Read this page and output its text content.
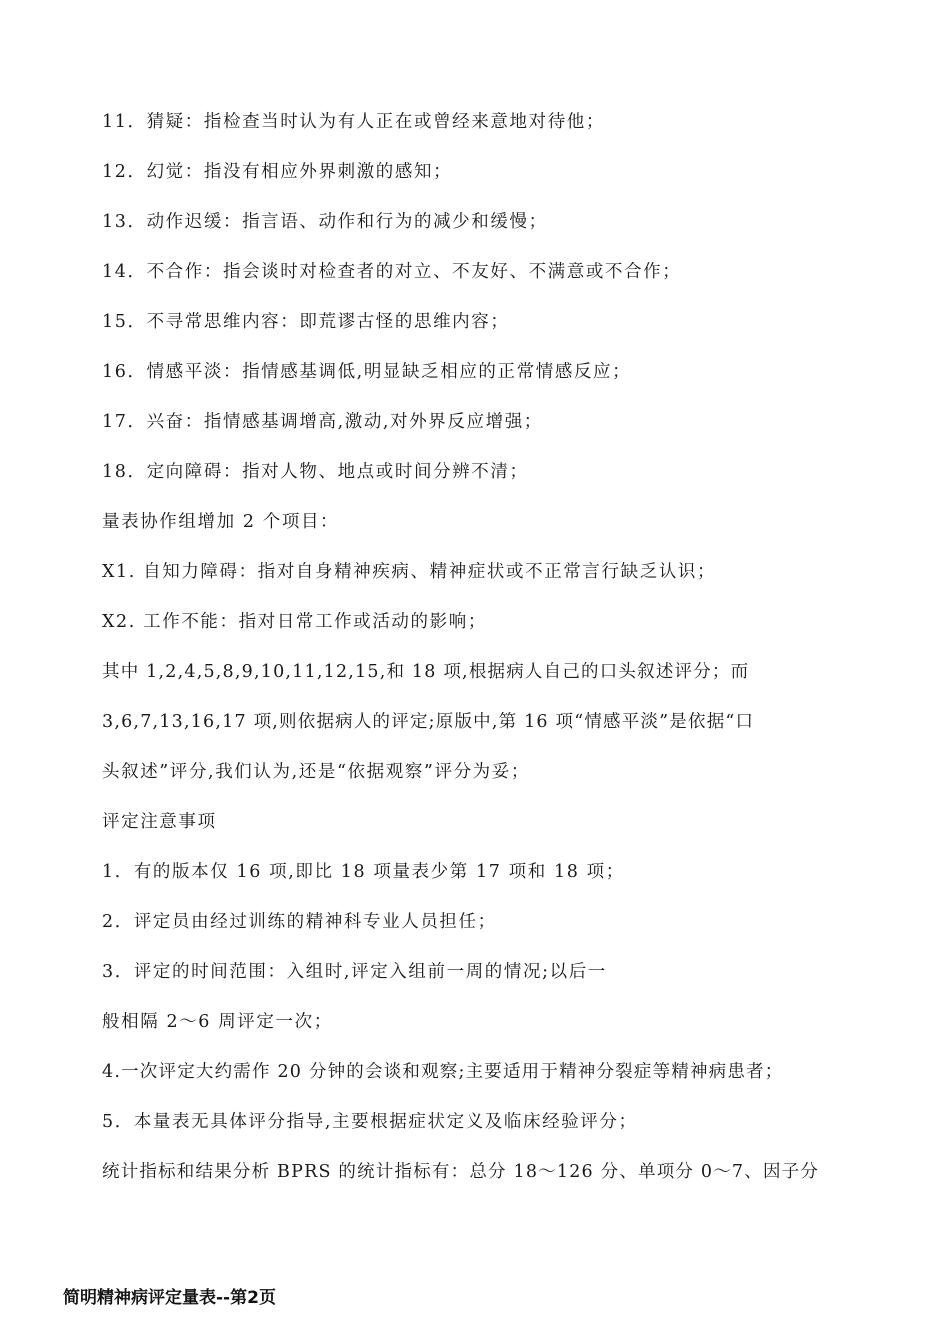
11．猜疑：指检查当时认为有人正在或曾经来意地对待他；
12．幻觉：指没有相应外界刺激的感知；
13．动作迟缓：指言语、动作和行为的减少和缓慢；
14．不合作：指会谈时对检查者的对立、不友好、不满意或不合作；
15．不寻常思维内容：即荒谬古怪的思维内容；
16．情感平淡：指情感基调低,明显缺乏相应的正常情感反应；
17．兴奋：指情感基调增高,激动,对外界反应增强；
18．定向障碍：指对人物、地点或时间分辨不清；
量表协作组增加 2 个项目：
X1. 自知力障碍：指对自身精神疾病、精神症状或不正常言行缺乏认识；
X2. 工作不能：指对日常工作或活动的影响；
其中 1,2,4,5,8,9,10,11,12,15,和 18 项,根据病人自己的口头叙述评分；而
3,6,7,13,16,17 项,则依据病人的评定;原版中,第 16 项“情感平淡”是依据“口
头叙述”评分,我们认为,还是“依据观察”评分为妥；
评定注意事项
1．有的版本仅 16 项,即比 18 项量表少第 17 项和 18 项；
2．评定员由经过训练的精神科专业人员担任；
3．评定的时间范围：入组时,评定入组前一周的情况;以后一
般相隔 2～6 周评定一次；
4.一次评定大约需作 20 分钟的会谈和观察;主要适用于精神分裂症等精神病患者；
5．本量表无具体评分指导,主要根据症状定义及临床经验评分；
统计指标和结果分析 BPRS 的统计指标有：总分 18～126 分、单项分 0～7、因子分
简明精神病评定量表--第2页
